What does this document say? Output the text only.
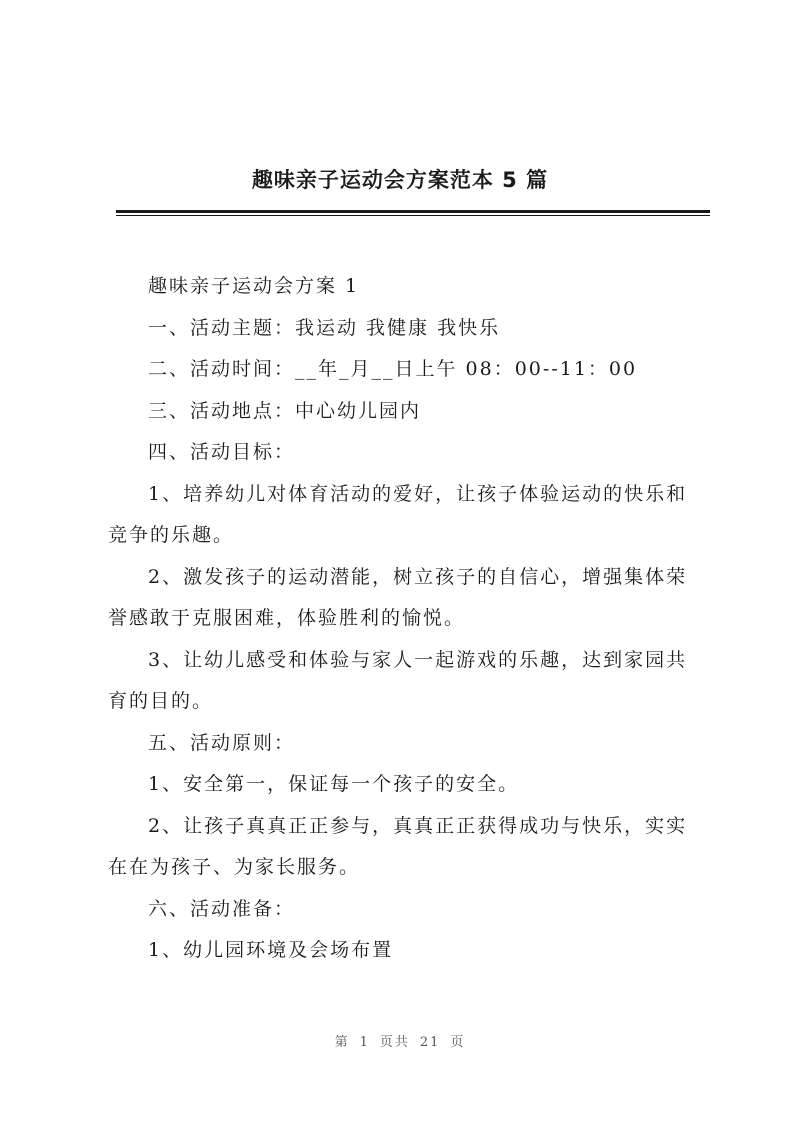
趣味亲子运动会方案范本 5 篇

趣味亲子运动会方案 1

一、活动主题：我运动 我健康 我快乐

二、活动时间：__年_月__日上午 08：00--11：00

三、活动地点：中心幼儿园内

四、活动目标：

1、培养幼儿对体育活动的爱好，让孩子体验运动的快乐和竞争的乐趣。

2、激发孩子的运动潜能，树立孩子的自信心，增强集体荣誉感敢于克服困难，体验胜利的愉悦。

3、让幼儿感受和体验与家人一起游戏的乐趣，达到家园共育的目的。

五、活动原则：

1、安全第一，保证每一个孩子的安全。

2、让孩子真真正正参与，真真正正获得成功与快乐，实实在在为孩子、为家长服务。

六、活动准备：

1、幼儿园环境及会场布置

第 1 页共 21 页
